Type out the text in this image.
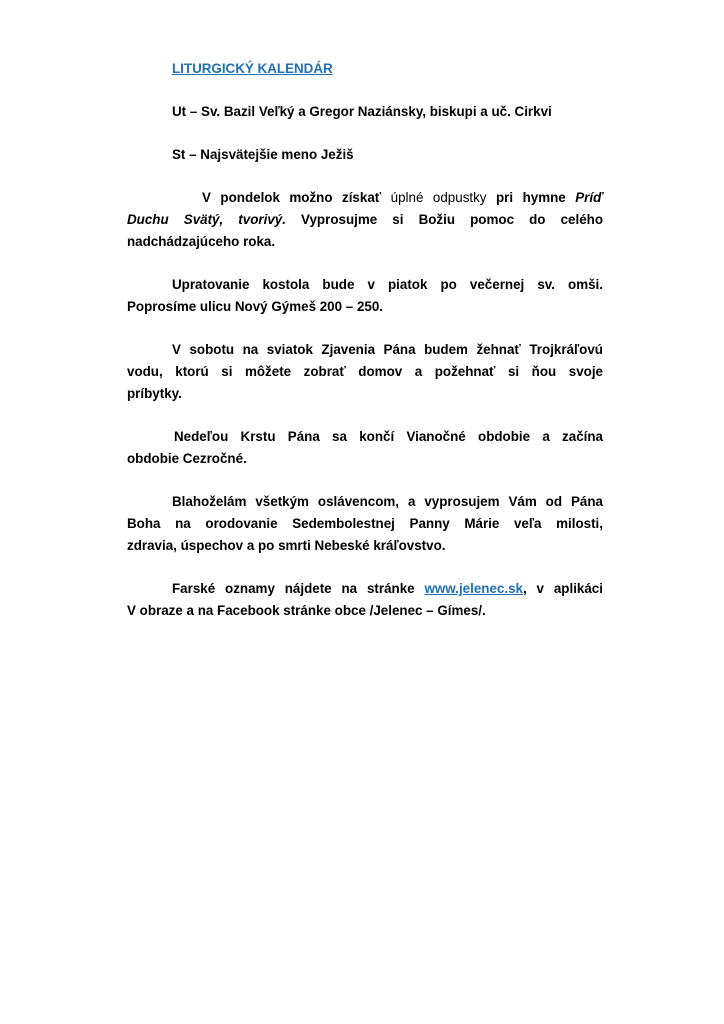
LITURGICKÝ KALENDÁR
Ut – Sv. Bazil Veľký a Gregor Naziánsky, biskupi a uč. Cirkvi
St – Najsvätejšie meno Ježiš
V pondelok možno získať úplné odpustky pri hymne Príď
Duchu Svätý, tvorivý. Vyprosujme si Božiu pomoc do celého
nadchádzajúceho roka.
Upratovanie kostola bude v piatok po večernej sv. omši.
Poprosíme ulicu Nový Gýmeš 200 – 250.
V sobotu na sviatok Zjavenia Pána budem žehnať Trojkráľovú
vodu, ktorú si môžete zobrať domov a požehnať si ňou svoje
príbytky.
Nedeľou Krstu Pána sa končí Vianočné obdobie a začína
obdobie Cezročné.
Blahoželám všetkým oslávencom, a vyprosujem Vám od Pána
Boha na orodovanie Sedembolestnej Panny Márie veľa milosti,
zdravia, úspechov a po smrti Nebeské kráľovstvo.
Farské oznamy nájdete na stránke www.jelenec.sk, v aplikáci
V obraze a na Facebook stránke obce /Jelenec – Gímes/.
